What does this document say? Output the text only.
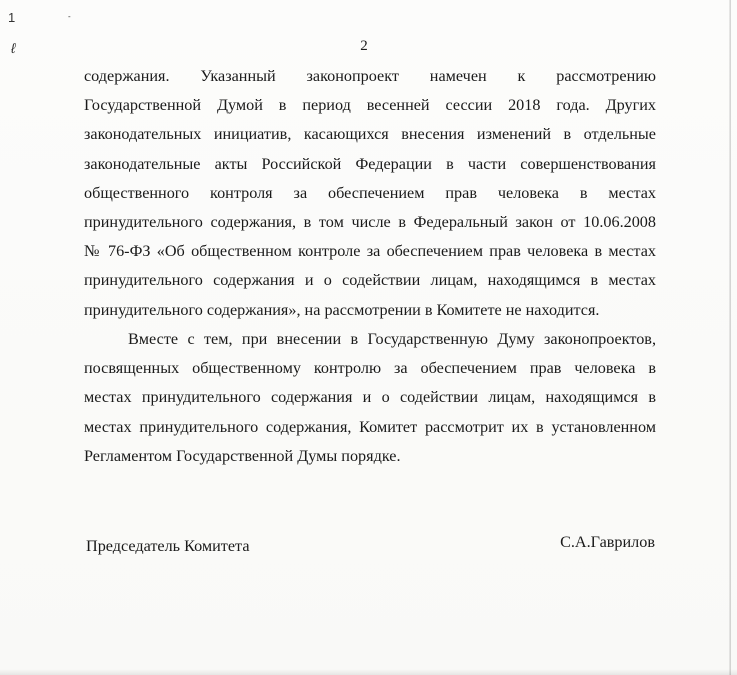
1	-
ℓ	2
содержания. Указанный законопроект намечен к рассмотрению
Государственной Думой в период весенней сессии 2018 года. Других
законодательных инициатив, касающихся внесения изменений в отдельные
законодательные акты Российской Федерации в части совершенствования
общественного контроля за обеспечением прав человека в местах
принудительного содержания, в том числе в Федеральный закон от 10.06.2008
№ 76-ФЗ «Об общественном контроле за обеспечением прав человека в местах
принудительного содержания и о содействии лицам, находящимся в местах
принудительного содержания», на рассмотрении в Комитете не находится.
Вместе с тем, при внесении в Государственную Думу законопроектов,
посвященных общественному контролю за обеспечением прав человека в
местах принудительного содержания и о содействии лицам, находящимся в
местах принудительного содержания, Комитет рассмотрит их в установленном
Регламентом Государственной Думы порядке.
Председатель Комитета	С.А.Гаврилов
